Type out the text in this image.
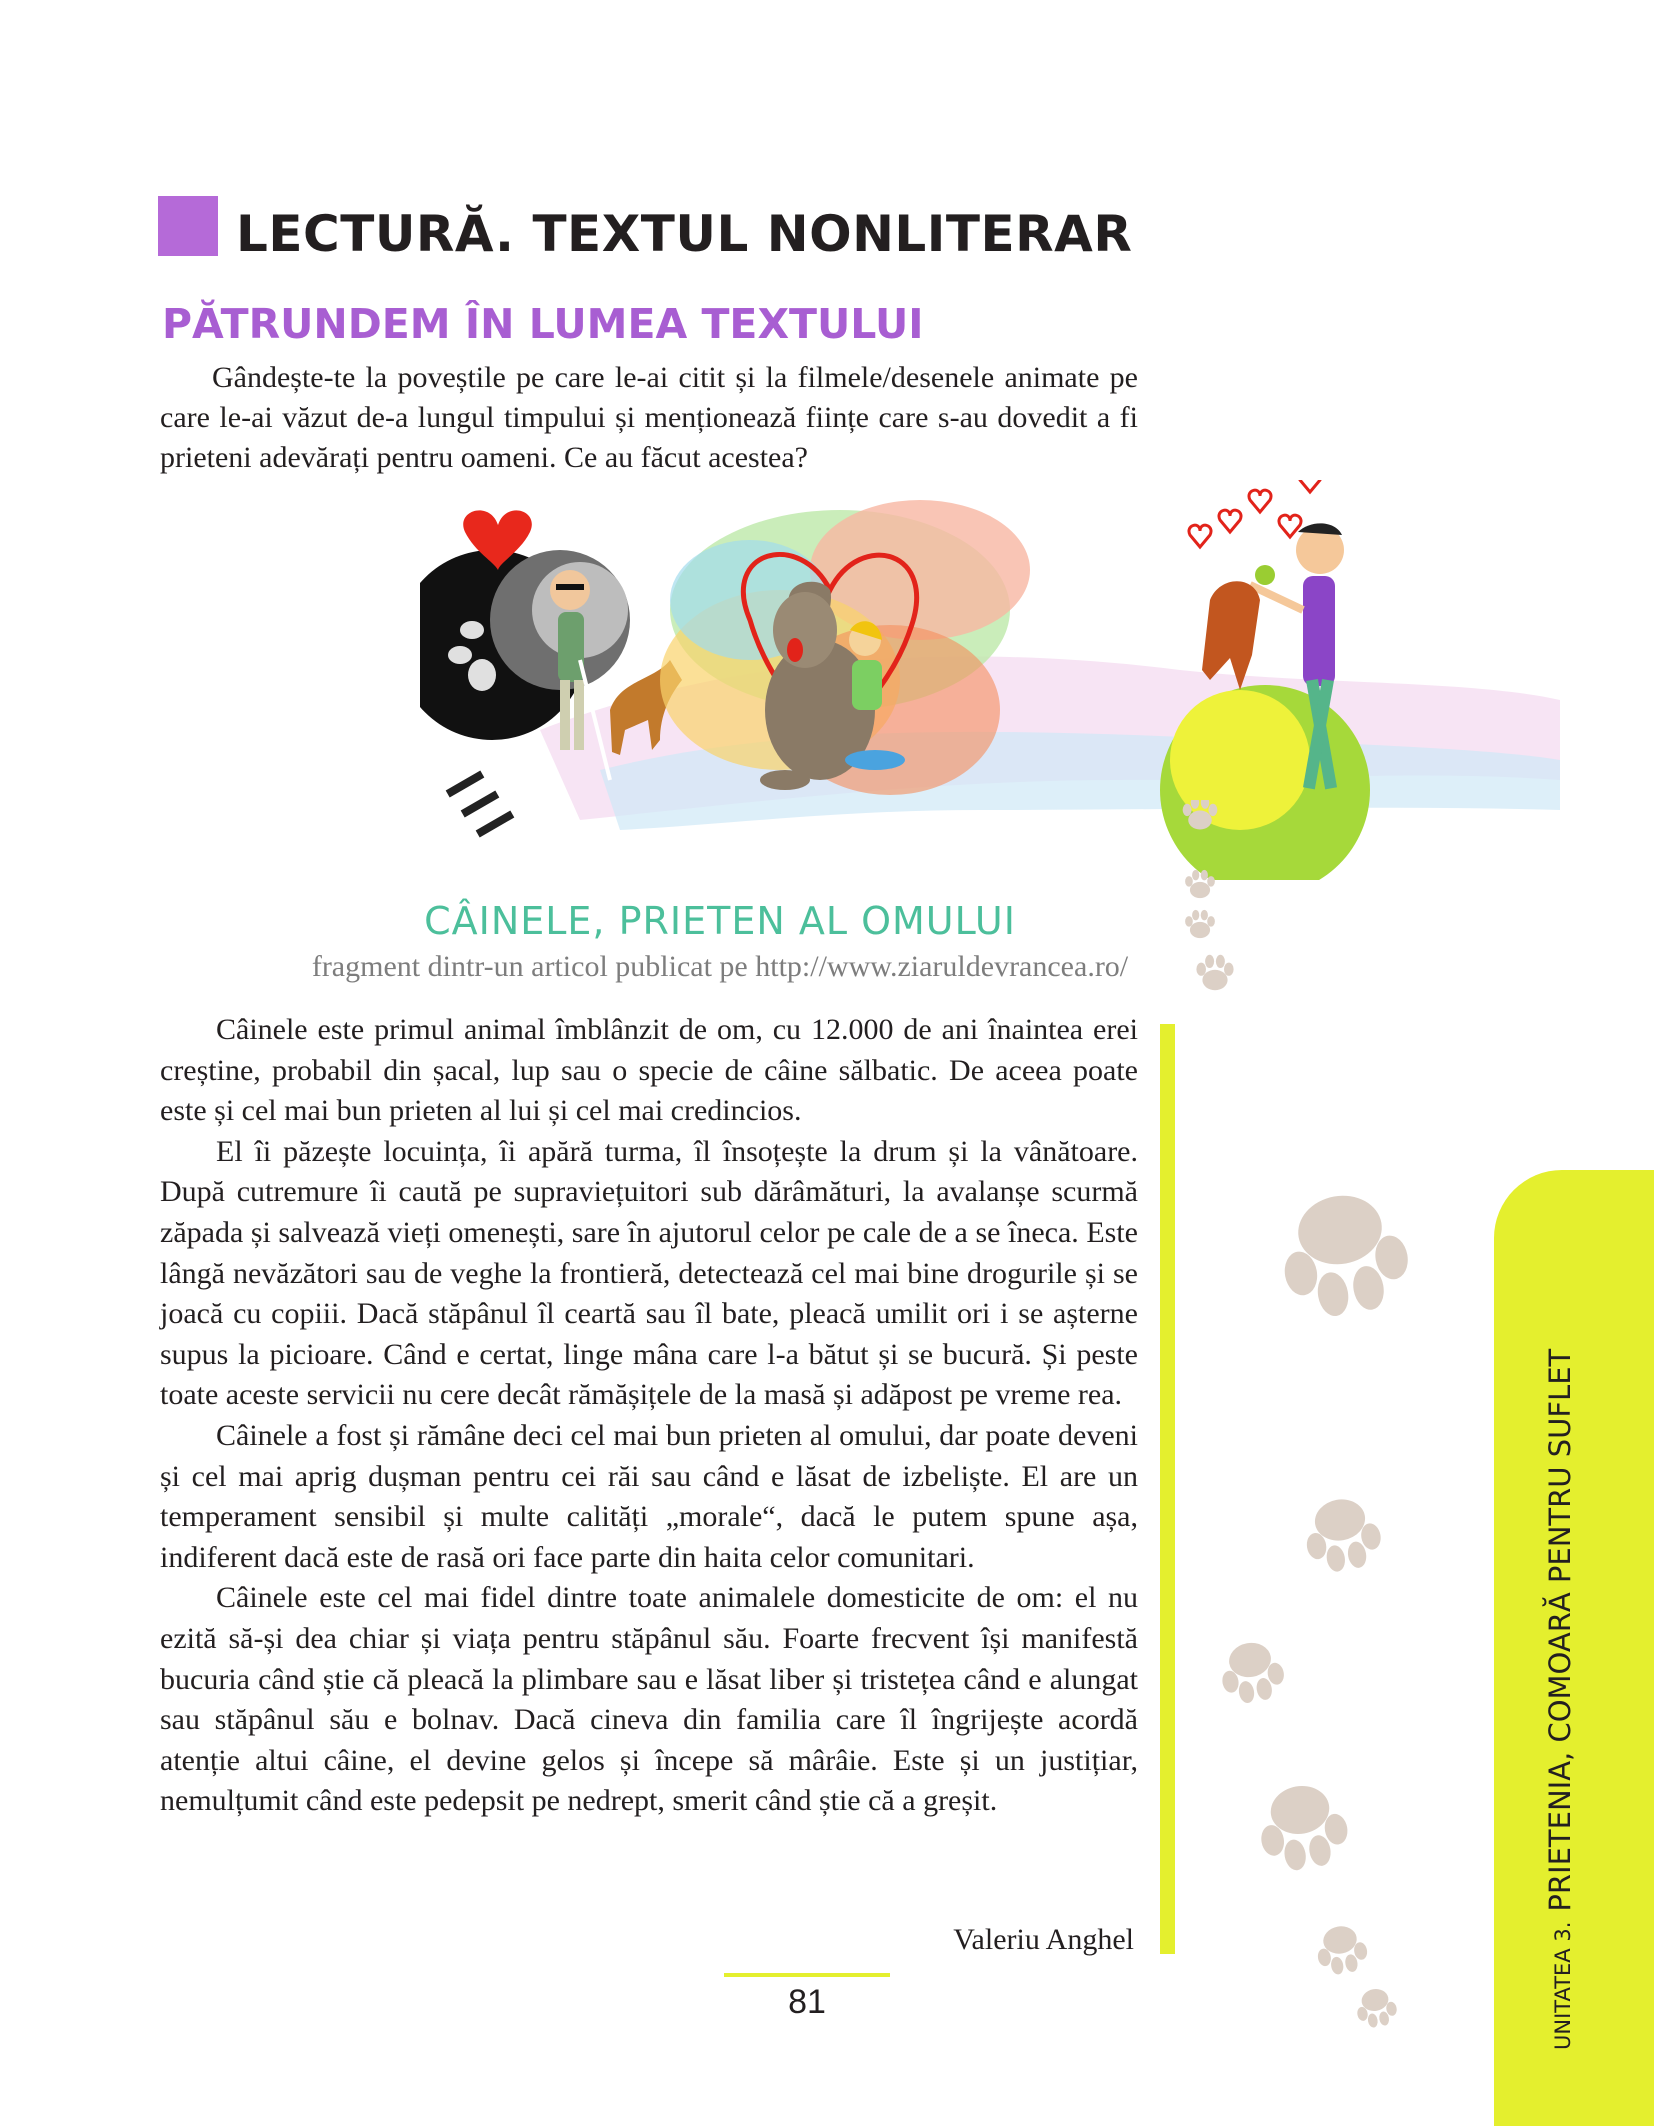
LECTURĂ. TEXTUL NONLITERAR
PĂTRUNDEM ÎN LUMEA TEXTULUI

Gândește-te la poveștile pe care le-ai citit și la filmele/desenele animate pe care le-ai văzut de-a lungul timpului și menționează ființe care s-au dovedit a fi prieteni adevărați pentru oameni. Ce au făcut acestea?

CÂINELE, PRIETEN AL OMULUI
fragment dintr-un articol publicat pe http://www.ziaruldevrancea.ro/

Câinele este primul animal îmblânzit de om, cu 12.000 de ani înaintea erei creștine, probabil din șacal, lup sau o specie de câine sălbatic. De aceea poate este și cel mai bun prieten al lui și cel mai credincios.

El îi păzește locuința, îi apără turma, îl însoțește la drum și la vânătoare. După cutremure îi caută pe supraviețuitori sub dărâmături, la avalanșe scurmă zăpada și salvează vieți omenești, sare în ajutorul celor pe cale de a se îneca. Este lângă nevăzători sau de veghe la frontieră, detectează cel mai bine drogurile și se joacă cu copiii. Dacă stăpânul îl ceartă sau îl bate, pleacă umilit ori i se așterne supus la picioare. Când e certat, linge mâna care l-a bătut și se bucură. Și peste toate aceste servicii nu cere decât rămășițele de la masă și adăpost pe vreme rea.

Câinele a fost și rămâne deci cel mai bun prieten al omului, dar poate deveni și cel mai aprig dușman pentru cei răi sau când e lăsat de izbeliște. El are un temperament sensibil și multe calități „morale“, dacă le putem spune așa, indiferent dacă este de rasă ori face parte din haita celor comunitari.

Câinele este cel mai fidel dintre toate animalele domesticite de om: el nu ezită să-și dea chiar și viața pentru stăpânul său. Foarte frecvent își manifestă bucuria când știe că pleacă la plimbare sau e lăsat liber și tristețea când e alungat sau stăpânul său e bolnav. Dacă cineva din familia care îl îngrijește acordă atenție altui câine, el devine gelos și începe să mârâie. Este și un justițiar, nemulțumit când este pedepsit pe nedrept, smerit când știe că a greșit.

Valeriu Anghel
81	UNITATEA 3.PRIETENIA, COMOARĂ PENTRU SUFLET
